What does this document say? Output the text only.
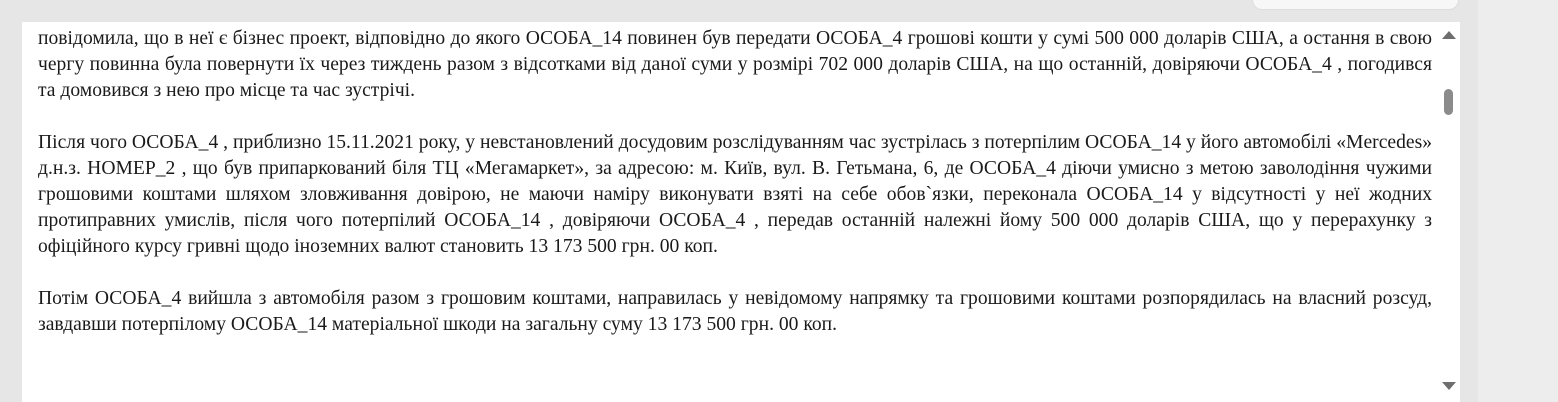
повідомила, що в неї є бізнес проект, відповідно до якого ОСОБА_14 повинен був передати ОСОБА_4 грошові кошти у сумі 500 000 доларів США, а остання в свою чергу повинна була повернути їх через тиждень разом з відсотками від даної суми у розмірі 702 000 доларів США, на що останній, довіряючи ОСОБА_4 , погодився та домовився з нею про місце та час зустрічі.

Після чого ОСОБА_4 , приблизно 15.11.2021 року, у невстановлений досудовим розслідуванням час зустрілась з потерпілим ОСОБА_14 у його автомобілі «Mercedes» д.н.з. НОМЕР_2 , що був припаркований біля ТЦ «Мегамаркет», за адресою: м. Київ, вул. В. Гетьмана, 6, де ОСОБА_4 діючи умисно з метою заволодіння чужими грошовими коштами шляхом зловживання довірою, не маючи наміру виконувати взяті на себе обов`язки, переконала ОСОБА_14 у відсутності у неї жодних протиправних умислів, після чого потерпілий ОСОБА_14 , довіряючи ОСОБА_4 , передав останній належні йому 500 000 доларів США, що у перерахунку з офіційного курсу гривні щодо іноземних валют становить 13 173 500 грн. 00 коп.

Потім ОСОБА_4 вийшла з автомобіля разом з грошовим коштами, направилась у невідомому напрямку та грошовими коштами розпорядилась на власний розсуд, завдавши потерпілому ОСОБА_14 матеріальної шкоди на загальну суму 13 173 500 грн. 00 коп.
